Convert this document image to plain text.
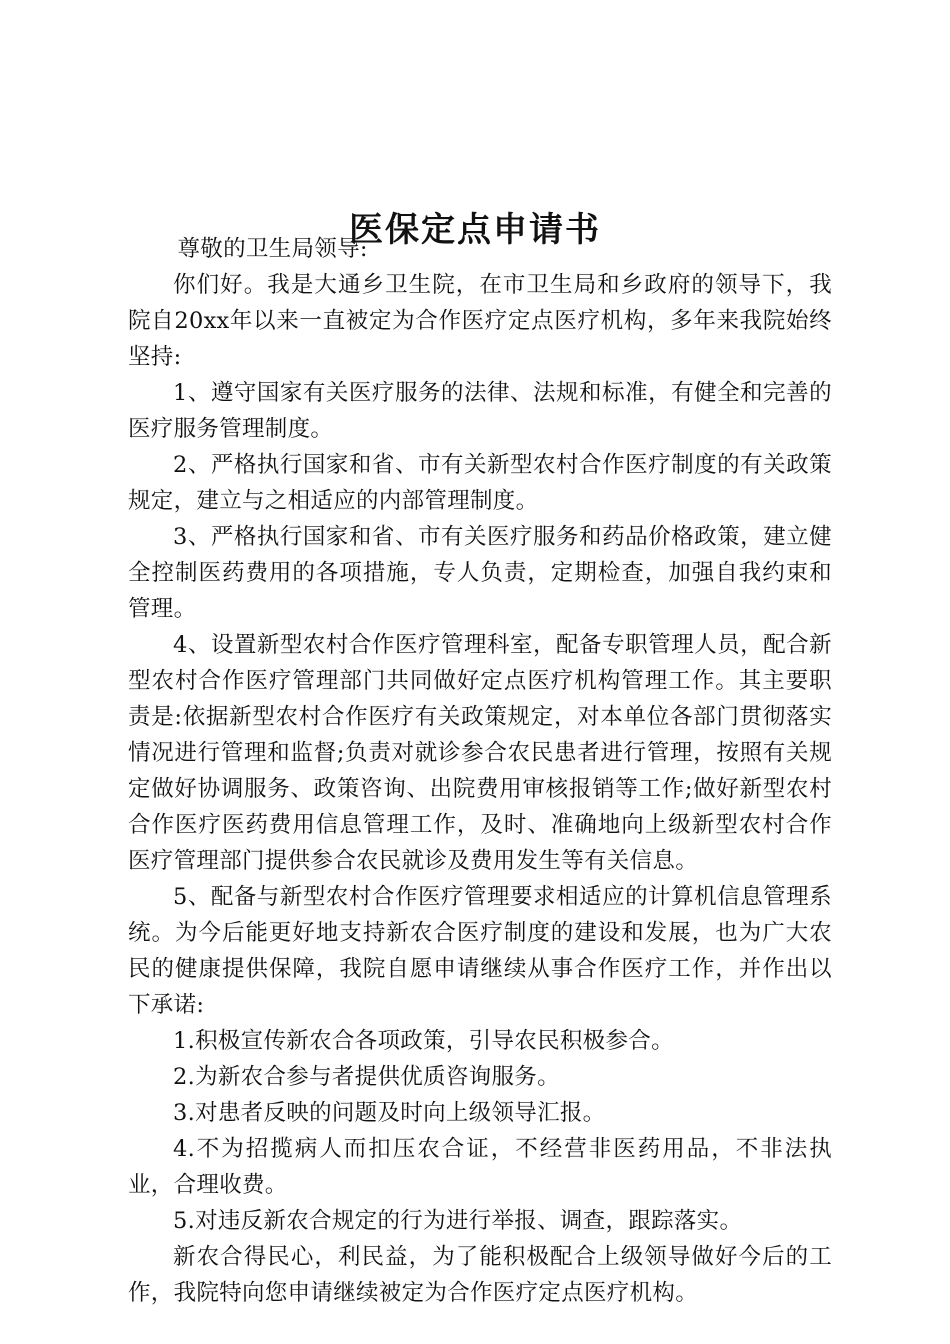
医保定点申请书

尊敬的卫生局领导:

你们好。我是大通乡卫生院，在市卫生局和乡政府的领导下，我院自20xx年以来一直被定为合作医疗定点医疗机构，多年来我院始终坚持:

1、遵守国家有关医疗服务的法律、法规和标准，有健全和完善的医疗服务管理制度。

2、严格执行国家和省、市有关新型农村合作医疗制度的有关政策规定，建立与之相适应的内部管理制度。

3、严格执行国家和省、市有关医疗服务和药品价格政策，建立健全控制医药费用的各项措施，专人负责，定期检查，加强自我约束和管理。

4、设置新型农村合作医疗管理科室，配备专职管理人员，配合新型农村合作医疗管理部门共同做好定点医疗机构管理工作。其主要职责是:依据新型农村合作医疗有关政策规定，对本单位各部门贯彻落实情况进行管理和监督;负责对就诊参合农民患者进行管理，按照有关规定做好协调服务、政策咨询、出院费用审核报销等工作;做好新型农村合作医疗医药费用信息管理工作，及时、准确地向上级新型农村合作医疗管理部门提供参合农民就诊及费用发生等有关信息。

5、配备与新型农村合作医疗管理要求相适应的计算机信息管理系统。为今后能更好地支持新农合医疗制度的建设和发展，也为广大农民的健康提供保障，我院自愿申请继续从事合作医疗工作，并作出以下承诺:

1.积极宣传新农合各项政策，引导农民积极参合。

2.为新农合参与者提供优质咨询服务。

3.对患者反映的问题及时向上级领导汇报。

4.不为招揽病人而扣压农合证，不经营非医药用品，不非法执业，合理收费。

5.对违反新农合规定的行为进行举报、调查，跟踪落实。

新农合得民心，利民益，为了能积极配合上级领导做好今后的工作，我院特向您申请继续被定为合作医疗定点医疗机构。
